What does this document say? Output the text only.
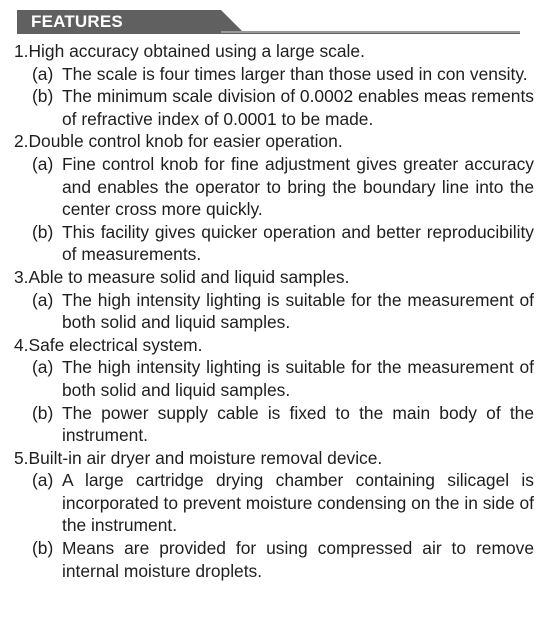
FEATURES
1.High accuracy obtained using a large scale.
(a) The scale is four times larger than those used in con vensity.
(b) The minimum scale division of 0.0002 enables meas rements of refractive index of 0.0001 to be made.
2.Double control knob for easier operation.
(a) Fine control knob for fine adjustment gives greater accuracy and enables the operator to bring the boundary line into the center cross more quickly.
(b) This facility gives quicker operation and better reproducibility of measurements.
3.Able to measure solid and liquid samples.
(a) The high intensity lighting is suitable for the measurement of both solid and liquid samples.
4.Safe electrical system.
(a) The high intensity lighting is suitable for the measurement of both solid and liquid samples.
(b) The power supply cable is fixed to the main body of the instrument.
5.Built-in air dryer and moisture removal device.
(a) A large cartridge drying chamber containing silicagel is incorporated to prevent moisture condensing on the in side of the instrument.
(b) Means are provided for using compressed air to remove internal moisture droplets.
